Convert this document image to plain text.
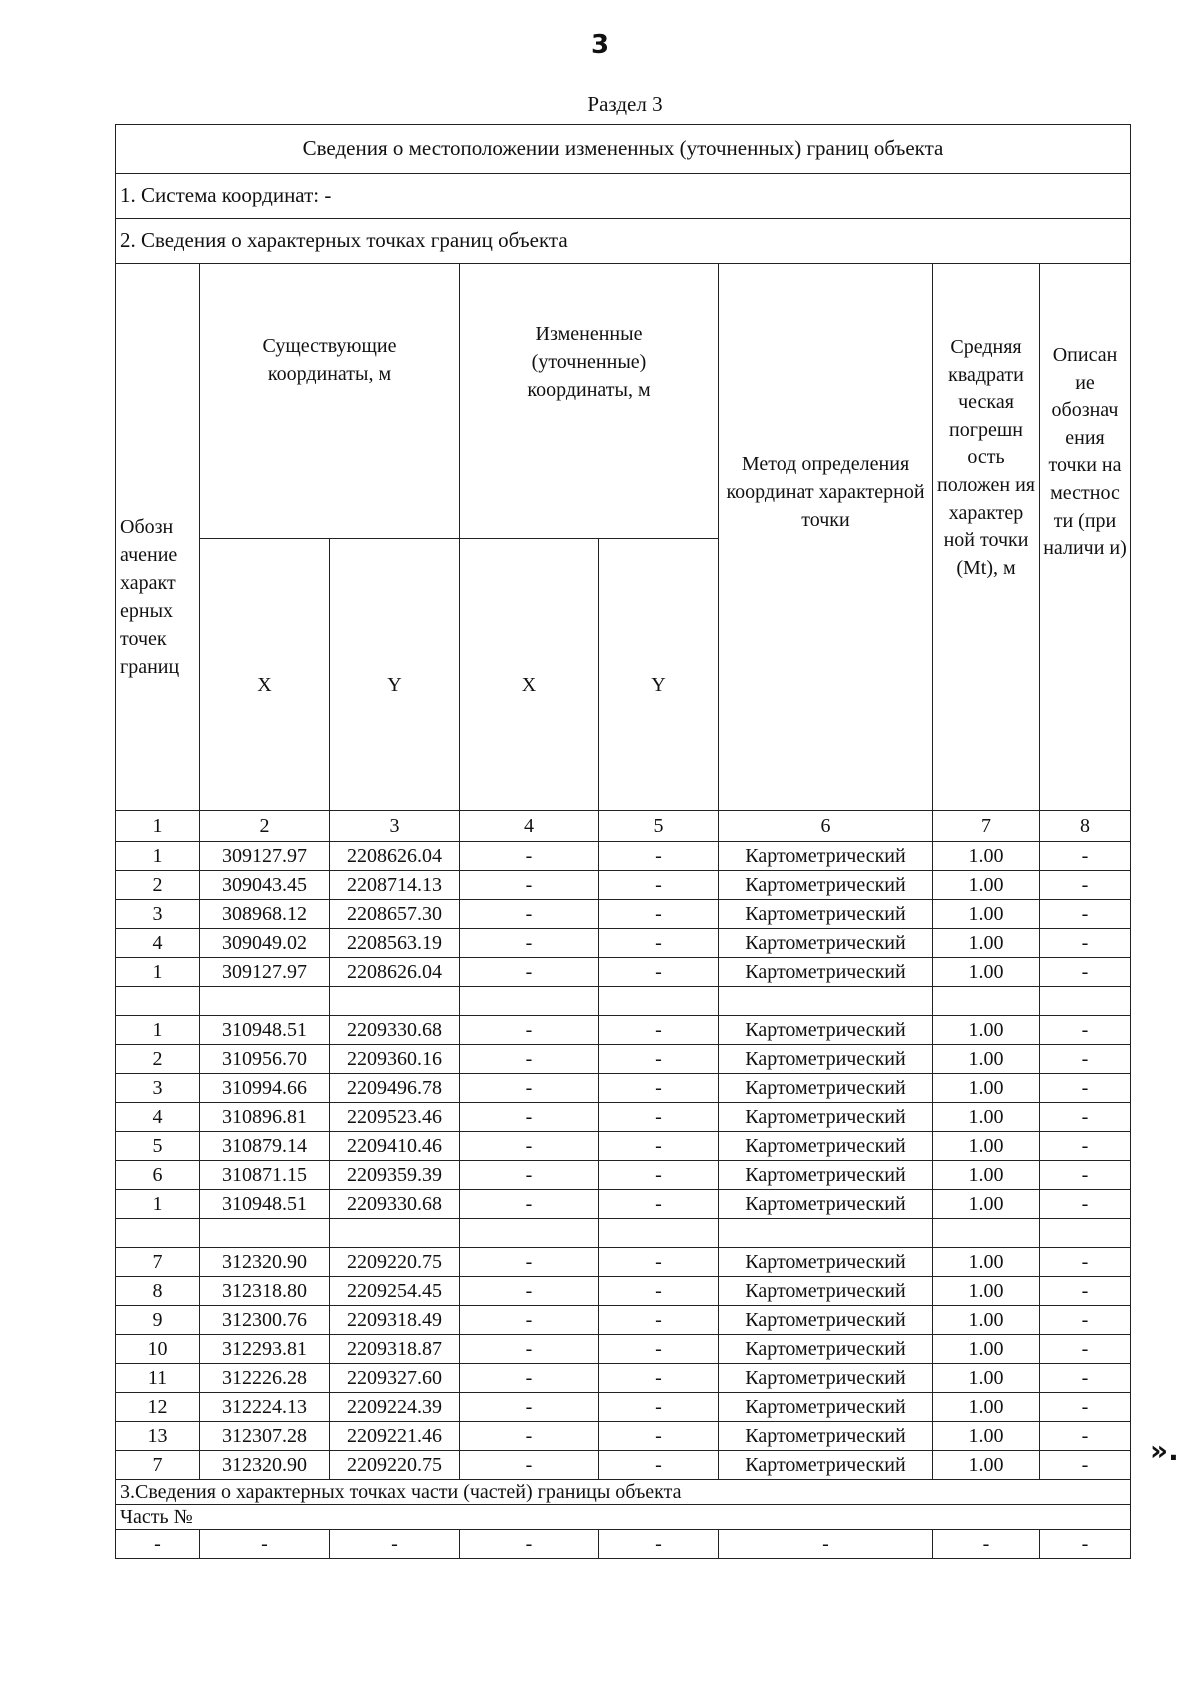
3
Раздел 3
Сведения о местоположении измененных (уточненных) границ объекта							
1. Система координат: -							
2. Сведения о характерных точках границ объекта							
Обозн ачение характ ерных точек границ	Существующие координаты, м		Измененные (уточненные) координаты, м		Метод определения координат характерной точки	Средняя квадрати ческая погрешн ость положен ия характер ной точки (Mt), м	Описан ие обознач ения точки на местнос ти (при наличи и)
	X	Y	X	Y			
1	2	3	4	5	6	7	8
1	309127.97	2208626.04	-	-	Картометрический	1.00	-
2	309043.45	2208714.13	-	-	Картометрический	1.00	-
3	308968.12	2208657.30	-	-	Картометрический	1.00	-
4	309049.02	2208563.19	-	-	Картометрический	1.00	-
1	309127.97	2208626.04	-	-	Картометрический	1.00	-

1	310948.51	2209330.68	-	-	Картометрический	1.00	-
2	310956.70	2209360.16	-	-	Картометрический	1.00	-
3	310994.66	2209496.78	-	-	Картометрический	1.00	-
4	310896.81	2209523.46	-	-	Картометрический	1.00	-
5	310879.14	2209410.46	-	-	Картометрический	1.00	-
6	310871.15	2209359.39	-	-	Картометрический	1.00	-
1	310948.51	2209330.68	-	-	Картометрический	1.00	-

7	312320.90	2209220.75	-	-	Картометрический	1.00	-
8	312318.80	2209254.45	-	-	Картометрический	1.00	-
9	312300.76	2209318.49	-	-	Картометрический	1.00	-
10	312293.81	2209318.87	-	-	Картометрический	1.00	-
11	312226.28	2209327.60	-	-	Картометрический	1.00	-
12	312224.13	2209224.39	-	-	Картометрический	1.00	-
13	312307.28	2209221.46	-	-	Картометрический	1.00	-
7	312320.90	2209220.75	-	-	Картометрический	1.00	-
3.Сведения о характерных точках части (частей) границы объекта							
Часть №							
-	-	-	-	-	-	-	-
».
